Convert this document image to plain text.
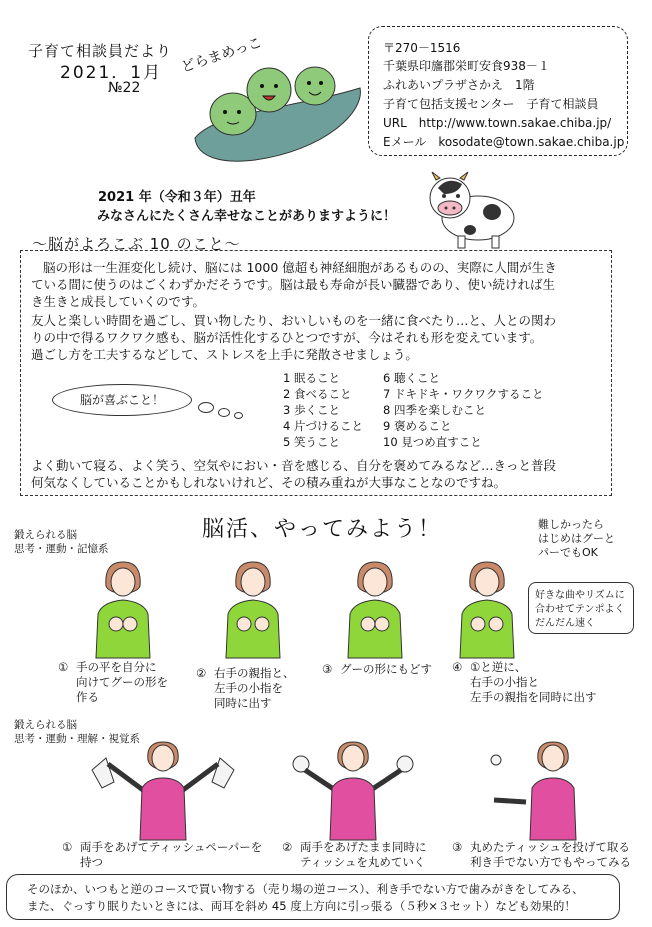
子育て相談員だより
2021．1月
№22
どらまめっこ	〒270－1516
千葉県印旛郡栄町安食938－１
ふれあいプラザさかえ　1階
子育て包括支援センター　子育て相談員
URL　http://www.town.sakae.chiba.jp/
Eメール　kosodate@town.sakae.chiba.jp
2021 年（令和３年）丑年
みなさんにたくさん幸せなことがありますように！
～脳がよろこぶ 10 のこと～
脳の形は一生涯変化し続け、脳には 1000 億超も神経細胞があるものの、実際に人間が生き
ている間に使うのはごくわずかだそうです。脳は最も寿命が長い臓器であり、使い続ければ生
き生きと成長していくのです。
友人と楽しい時間を過ごし、買い物したり、おいしいものを一緒に食べたり…と、人との関わ
りの中で得るワクワク感も、脳が活性化するひとつですが、今はそれも形を変えています。
過ごし方を工夫するなどして、ストレスを上手に発散させましょう。
1 眠ること
2 食べること
3 歩くこと
4 片づけること
5 笑うこと
6 聴くこと
7 ドキドキ・ワクワクすること
8 四季を楽しむこと
9 褒めること
10 見つめ直すこと
よく動いて寝る、よく笑う、空気やにおい・音を感じる、自分を褒めてみるなど…きっと普段
何気なくしていることかもしれないけれど、その積み重ねが大事なことなのですね。
脳が喜ぶこと！
脳活、やってみよう！	難しかったら
はじめはグーと
パーでもOK
好きな曲やリズムに
合わせてテンポよく
だんだん速く
鍛えられる脳
思考・運動・記憶系
① 手の平を自分に
向けてグーの形を
作る
② 右手の親指と、
左手の小指を
同時に出す
③ グーの形にもどす ④ ①と逆に、
右手の小指と
左手の親指を同時に出す
鍛えられる脳
思考・運動・理解・視覚系
① 両手をあげてティッシュペーパーを
持つ
② 両手をあげたまま同時に
ティッシュを丸めていく
③ 丸めたティッシュを投げて取る
利き手でない方でもやってみる
そのほか、いつもと逆のコースで買い物する（売り場の逆コース）、利き手でない方で歯みがきをしてみる、
また、ぐっすり眠りたいときには、両耳を斜め 45 度上方向に引っ張る（５秒×３セット）なども効果的！
